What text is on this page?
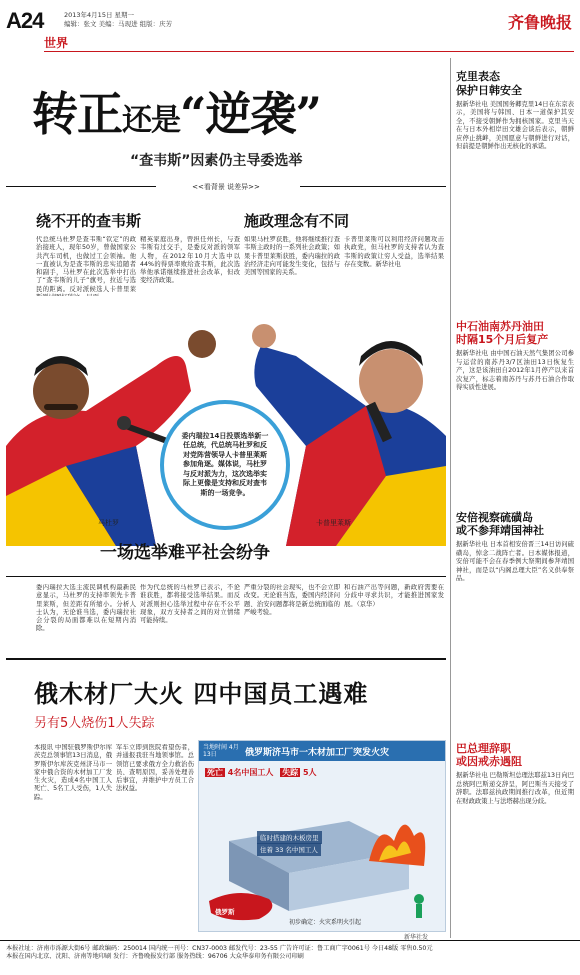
A24	2013年4月15日 星期一
编辑：张文 美编：马现进 组版：庆芳
世界
齐鲁晚报
转正还是“逆袭”
“查韦斯”因素仍主导委选举
<<看背景 说差异>>
绕不开的查韦斯	施政理念有不同
代总统马杜罗是查韦斯“钦定”的政治接班人，现年50岁，曾做国家公共汽车司机，也做过工会领袖。他一直被认为是查韦斯的忠实追随者和副手，马杜罗在此次选举中打出了“查韦斯的儿子”旗号，拉近与选民的距离。反对派候选人卡普里莱
精英家庭出身，曾担任州长，与查韦斯有过交手，是委反对派的领军人物，在2012年10月大选中以44%的得票率败给查韦斯，此次选举他承诺继续推进社会改革，但改变经济政策。
如果马杜罗获胜，他将继续推行查韦斯主政时的一系列社会政策；如果卡普里莱斯获胜，委内瑞拉的政治经济走向可能发生变化，包括与美国等国家的关系。
卡普里莱斯可以利用经济问题攻击执政党，但马杜罗的支持者认为查韦斯的政策让穷人受益，选举结果存在变数。新华社电
委内瑞拉14日投票选举新一任总统，代总统马杜罗和反对党阵营领导人卡普里莱斯参加角逐。媒体说，马杜罗与反对派为力，这次选举实际上更像是支持和反对查韦斯的一场竞争。
马杜罗	卡普里莱斯
一场选举难平社会纷争
委内瑞拉大选主流民调机构最新民意显示，马杜罗的支持率领先卡普里莱斯，但差距有所缩小。分析人士认为，无论谁当选，委内瑞拉社会分裂的局面都难以在短期内消除。
作为代总统的马杜罗已表示，不论谁获胜，都将接受选举结果。而反对派则担心选举过程中存在不公平现象，双方支持者之间的对立情绪可能持续。
严重分裂的社会现实，也不会立即改变。无论谁当选，委国内经济问题、治安问题都将是新总统面临的严峻考验。
和石油产出等问题，新政府需要在分歧中寻求共识，才能推进国家发展。（京华）
俄木材厂大火 四中国员工遇难
另有5人烧伤1人失踪
本报讯 中国驻俄罗斯伊尔库茨克总领事馆13日消息，俄罗斯伊尔库茨克州济马市一家中俄合资的木材加工厂发生火灾，造成4名中国工人死亡、5名工人受伤，1人失踪。
军车立即到医院看望伤者，并通报我驻当地领事馆。总领馆已要求俄方全力救治伤员、查明原因，妥善处理善后事宜，并维护中方员工合法权益。
当地时间 4月13日	俄罗斯济马市一木材加工厂突发火灾
死亡 4名中国工人 失踪 5人
临时搭建的木板房里
住着 33 名中国工人
俄罗斯
初步确定：火灾系明火引起
新华社发
克里表态
保护日韩安全

据新华社电 美国国务卿克里14日在东京表示，美国将与韩国、日本一道保护其安全，不接受朝鲜作为拥核国家。克里当天在与日本外相岸田文雄会谈后表示，朝鲜应停止挑衅，美国愿意与朝鲜进行对话，但前提是朝鲜作出无核化的承诺。

中石油南苏丹油田
时隔15个月后复产

据新华社电 由中国石油天然气集团公司参与运营的南苏丹3/7区油田13日恢复生产，这是该油田自2012年1月停产以来首次复产，标志着南苏丹与苏丹石油合作取得实质性进展。

安倍视察硫磺岛
或不参拜靖国神社

据新华社电 日本首相安倍晋三14日访问硫磺岛，悼念二战阵亡者。日本媒体报道，安倍可能不会在春季例大祭期间参拜靖国神社，而是以“内阁总理大臣”名义供奉祭品。

巴总理辞职
或因戒赤遇阻

据新华社电 巴勒斯坦总理法耶兹13日向巴总统阿巴斯递交辞呈，阿巴斯当天接受了辞职。法耶兹执政期间推行改革，但近期在财政政策上与法塔赫出现分歧。

本报社址：济南市泺源大街6号 邮政编码：250014 国内统一刊号：CN37-0003 邮发代号：23-55 广告许可证：鲁工商广字0061号 今日48版 零售0.50元
本报在国内北京、沈阳、济南等地印刷 发行：齐鲁晚报发行部 服务热线：96706 大众华泰印务有限公司印刷
